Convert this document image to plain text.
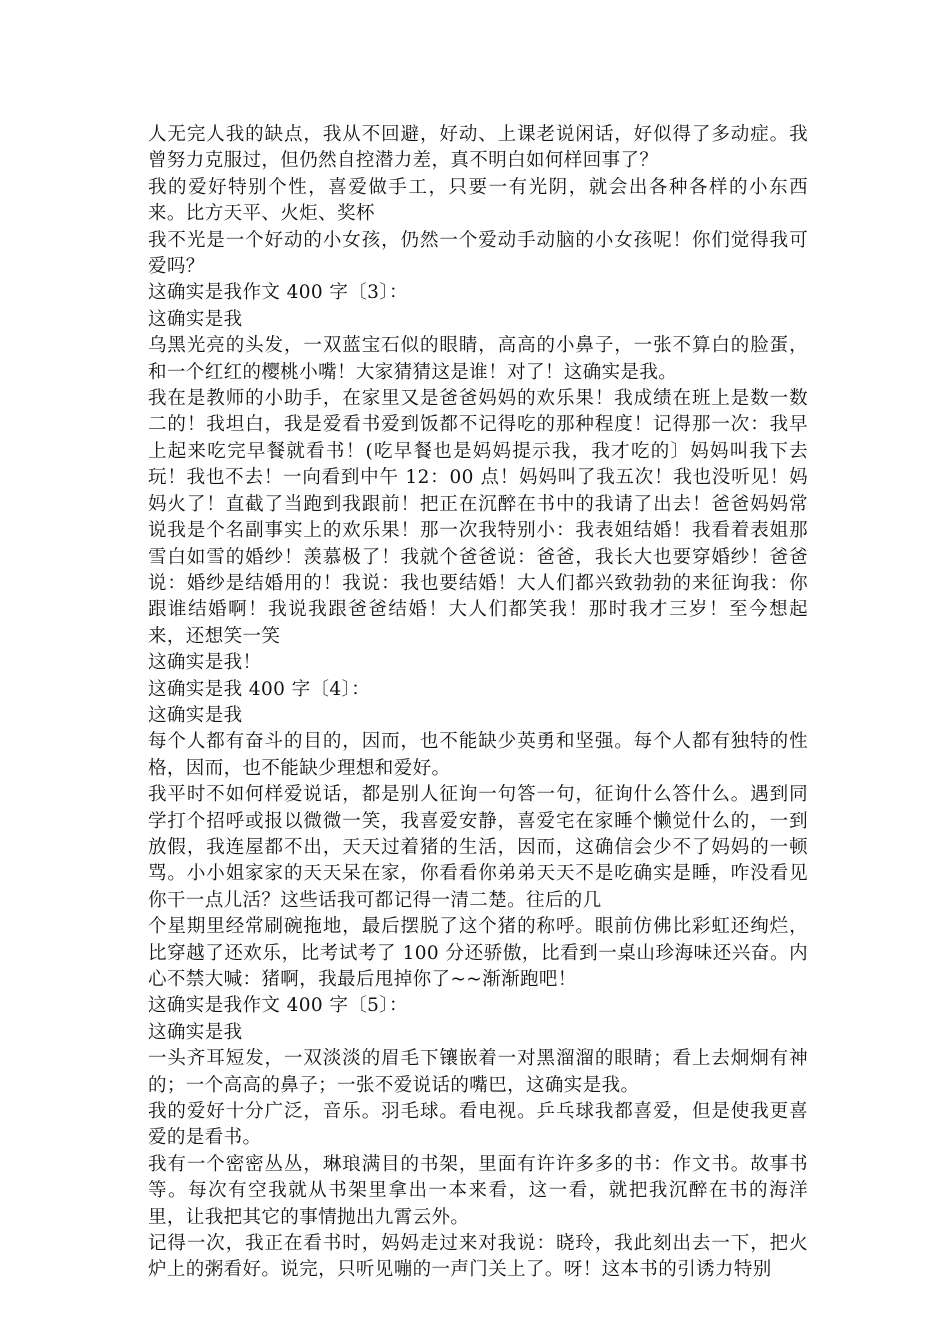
人无完人我的缺点，我从不回避，好动、上课老说闲话，好似得了多动症。我曾努力克服过，但仍然自控潜力差，真不明白如何样回事了？

我的爱好特别个性，喜爱做手工，只要一有光阴，就会出各种各样的小东西来。比方天平、火炬、奖杯

我不光是一个好动的小女孩，仍然一个爱动手动脑的小女孩呢！你们觉得我可爱吗？

这确实是我作文 400 字〔3〕：

这确实是我

乌黑光亮的头发，一双蓝宝石似的眼睛，高高的小鼻子，一张不算白的脸蛋，和一个红红的樱桃小嘴！大家猜猜这是谁！对了！这确实是我。

我在是教师的小助手，在家里又是爸爸妈妈的欢乐果！我成绩在班上是数一数二的！我坦白，我是爱看书爱到饭都不记得吃的那种程度！记得那一次：我早上起来吃完早餐就看书！(吃早餐也是妈妈提示我，我才吃的〕妈妈叫我下去玩！我也不去！一向看到中午 12：00 点！妈妈叫了我五次！我也没听见！妈妈火了！直截了当跑到我跟前！把正在沉醉在书中的我请了出去！爸爸妈妈常说我是个名副事实上的欢乐果！那一次我特别小：我表姐结婚！我看着表姐那雪白如雪的婚纱！羡慕极了！我就个爸爸说：爸爸，我长大也要穿婚纱！爸爸说：婚纱是结婚用的！我说：我也要结婚！大人们都兴致勃勃的来征询我：你跟谁结婚啊！我说我跟爸爸结婚！大人们都笑我！那时我才三岁！至今想起来，还想笑一笑

这确实是我！

这确实是我 400 字〔4〕：

这确实是我

每个人都有奋斗的目的，因而，也不能缺少英勇和坚强。每个人都有独特的性格，因而，也不能缺少理想和爱好。

我平时不如何样爱说话，都是别人征询一句答一句，征询什么答什么。遇到同学打个招呼或报以微微一笑，我喜爱安静，喜爱宅在家睡个懒觉什么的，一到放假，我连屋都不出，天天过着猪的生活，因而，这确信会少不了妈妈的一顿骂。小小姐家家的天天呆在家，你看看你弟弟天天不是吃确实是睡，咋没看见你干一点儿活？这些话我可都记得一清二楚。往后的几

个星期里经常刷碗拖地，最后摆脱了这个猪的称呼。眼前仿佛比彩虹还绚烂，比穿越了还欢乐，比考试考了 100 分还骄傲，比看到一桌山珍海味还兴奋。内心不禁大喊：猪啊，我最后甩掉你了~~渐渐跑吧！

这确实是我作文 400 字〔5〕：

这确实是我

一头齐耳短发，一双淡淡的眉毛下镶嵌着一对黑溜溜的眼睛；看上去炯炯有神的；一个高高的鼻子；一张不爱说话的嘴巴，这确实是我。

我的爱好十分广泛，音乐。羽毛球。看电视。乒乓球我都喜爱，但是使我更喜爱的是看书。

我有一个密密丛丛，琳琅满目的书架，里面有许许多多的书：作文书。故事书等。每次有空我就从书架里拿出一本来看，这一看，就把我沉醉在书的海洋里，让我把其它的事情抛出九霄云外。

记得一次，我正在看书时，妈妈走过来对我说：晓玲，我此刻出去一下，把火炉上的粥看好。说完，只听见嘣的一声门关上了。呀！这本书的引诱力特别
